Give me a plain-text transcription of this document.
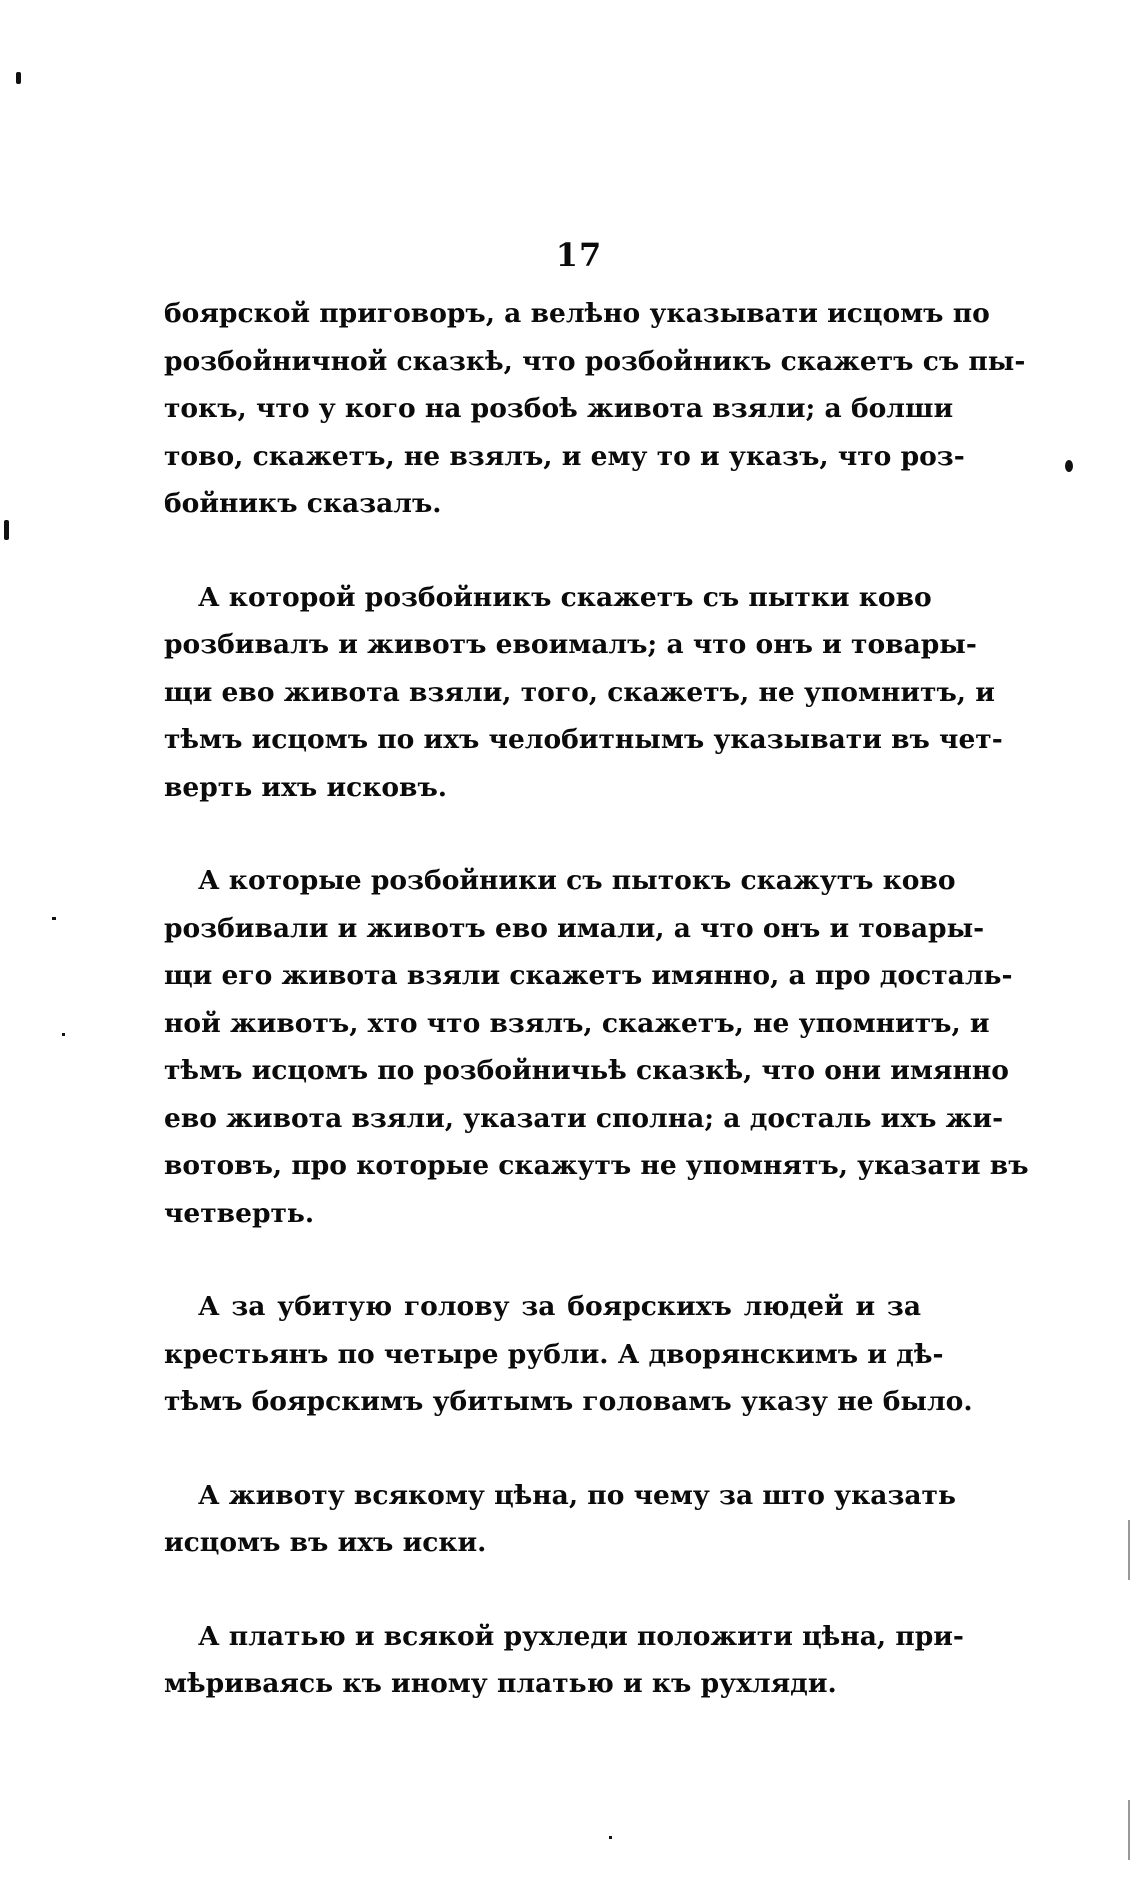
17
боярской приговоръ, а велѣно указывати исцомъ по
розбойничной сказкѣ, что розбойникъ скажетъ съ пы-
токъ, что у кого на розбоѣ живота взяли; а болши
тово, скажетъ, не взялъ, и ему то и указъ, что роз-
бойникъ сказалъ.
А которой розбойникъ скажетъ съ пытки ково
розбивалъ и животъ евоималъ; а что онъ и товары-
щи ево живота взяли, того, скажетъ, не упомнитъ, и
тѣмъ исцомъ по ихъ челобитнымъ указывати въ чет-
верть ихъ исковъ.
А которые розбойники съ пытокъ скажутъ ково
розбивали и животъ ево имали, а что онъ и товары-
щи его живота взяли скажетъ имянно, а про досталь-
ной животъ, хто что взялъ, скажетъ, не упомнитъ, и
тѣмъ исцомъ по розбойничьѣ сказкѣ, что они имянно
ево живота взяли, указати сполна; а досталь ихъ жи-
вотовъ, про которые скажутъ не упомнятъ, указати въ
четверть.
А за убитую голову за боярскихъ людей и за
крестьянъ по четыре рубли. А дворянскимъ и дѣ-
тѣмъ боярскимъ убитымъ головамъ указу не было.
А животу всякому цѣна, по чему за што указать
исцомъ въ ихъ иски.
А платью и всякой рухледи положити цѣна, при-
мѣриваясь къ иному платью и къ рухляди.
